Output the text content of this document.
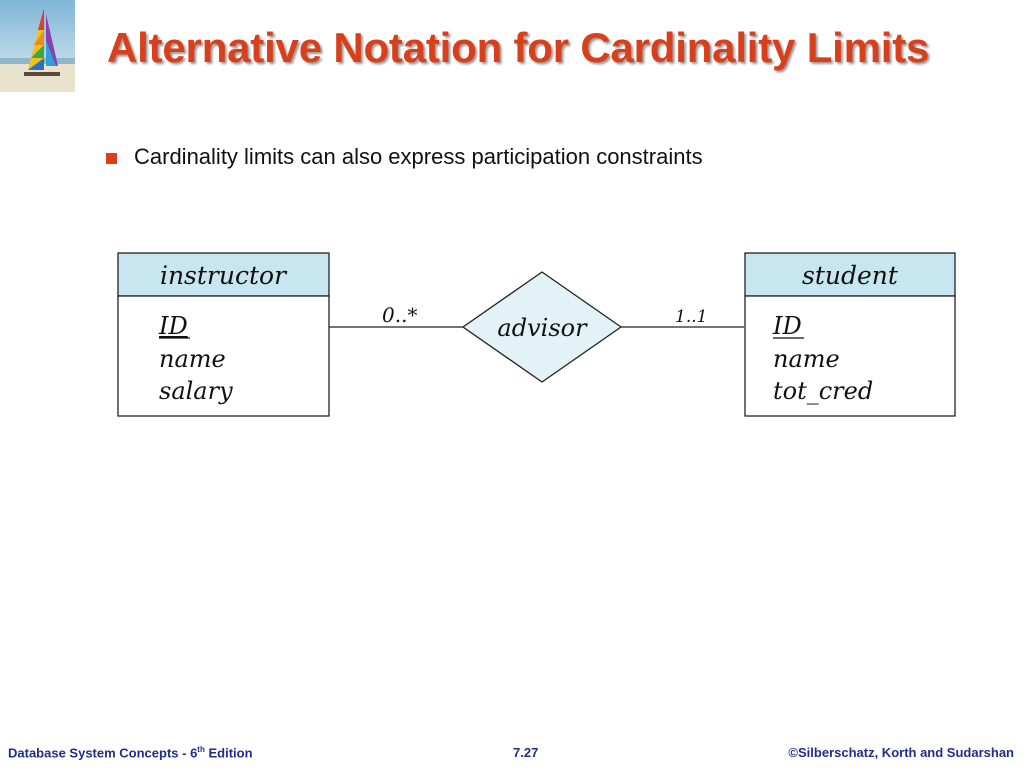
Alternative Notation for Cardinality Limits
Cardinality limits can also express participation constraints
instructor
ID
name
salary
student
ID
name
tot_cred
advisor
0..*	1..1
Database System Concepts - 6th Edition	7.27	©Silberschatz, Korth and Sudarshan
